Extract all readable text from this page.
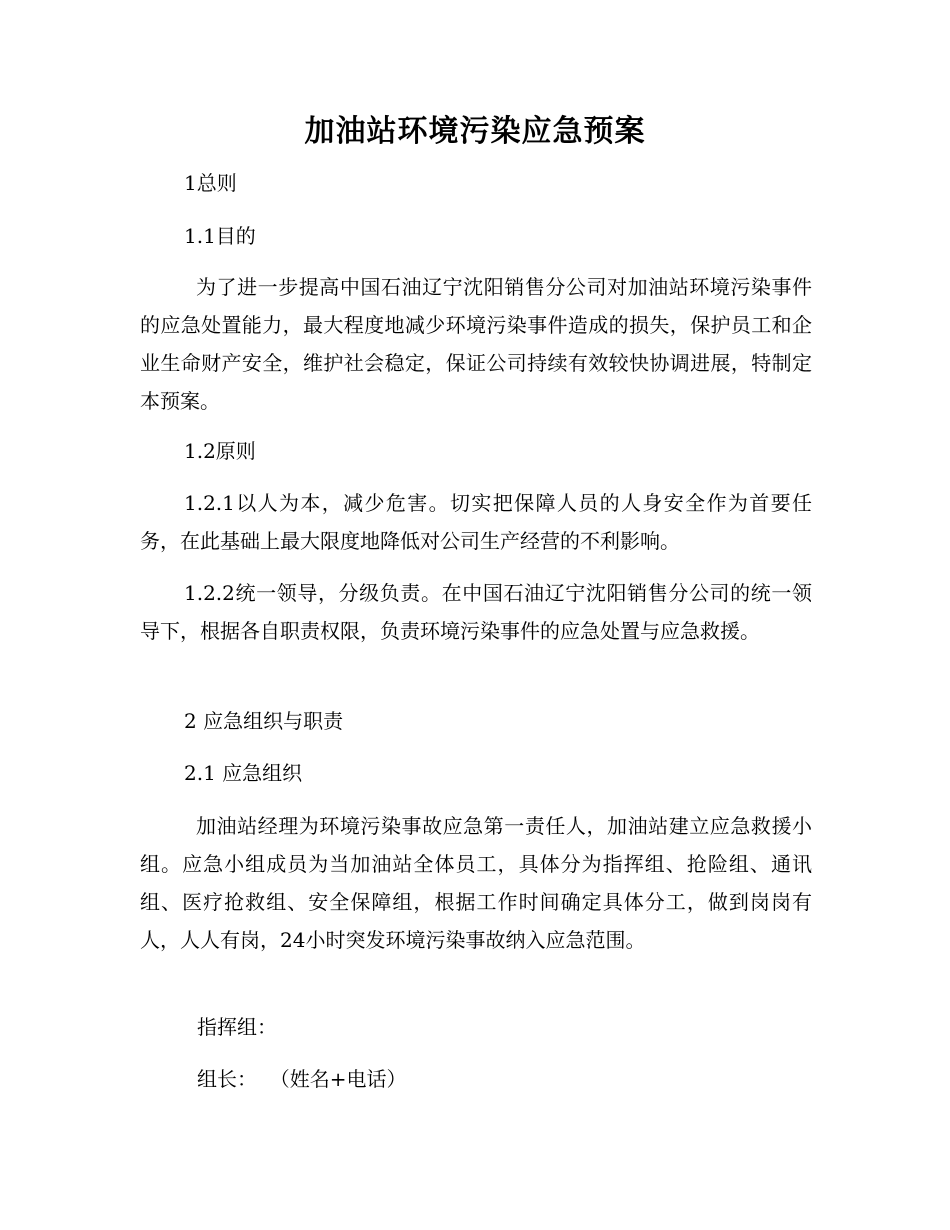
加油站环境污染应急预案

1总则

1.1目的

为了进一步提高中国石油辽宁沈阳销售分公司对加油站环境污染事件的应急处置能力，最大程度地减少环境污染事件造成的损失，保护员工和企业生命财产安全，维护社会稳定，保证公司持续有效较快协调进展，特制定本预案。

1.2原则

1.2.1以人为本，减少危害。切实把保障人员的人身安全作为首要任务，在此基础上最大限度地降低对公司生产经营的不利影响。

1.2.2统一领导，分级负责。在中国石油辽宁沈阳销售分公司的统一领导下，根据各自职责权限，负责环境污染事件的应急处置与应急救援。

2 应急组织与职责

2.1 应急组织

加油站经理为环境污染事故应急第一责任人，加油站建立应急救援小组。应急小组成员为当加油站全体员工，具体分为指挥组、抢险组、通讯组、医疗抢救组、安全保障组，根据工作时间确定具体分工，做到岗岗有人，人人有岗，24小时突发环境污染事故纳入应急范围。

指挥组：

组长：  （姓名+电话）
